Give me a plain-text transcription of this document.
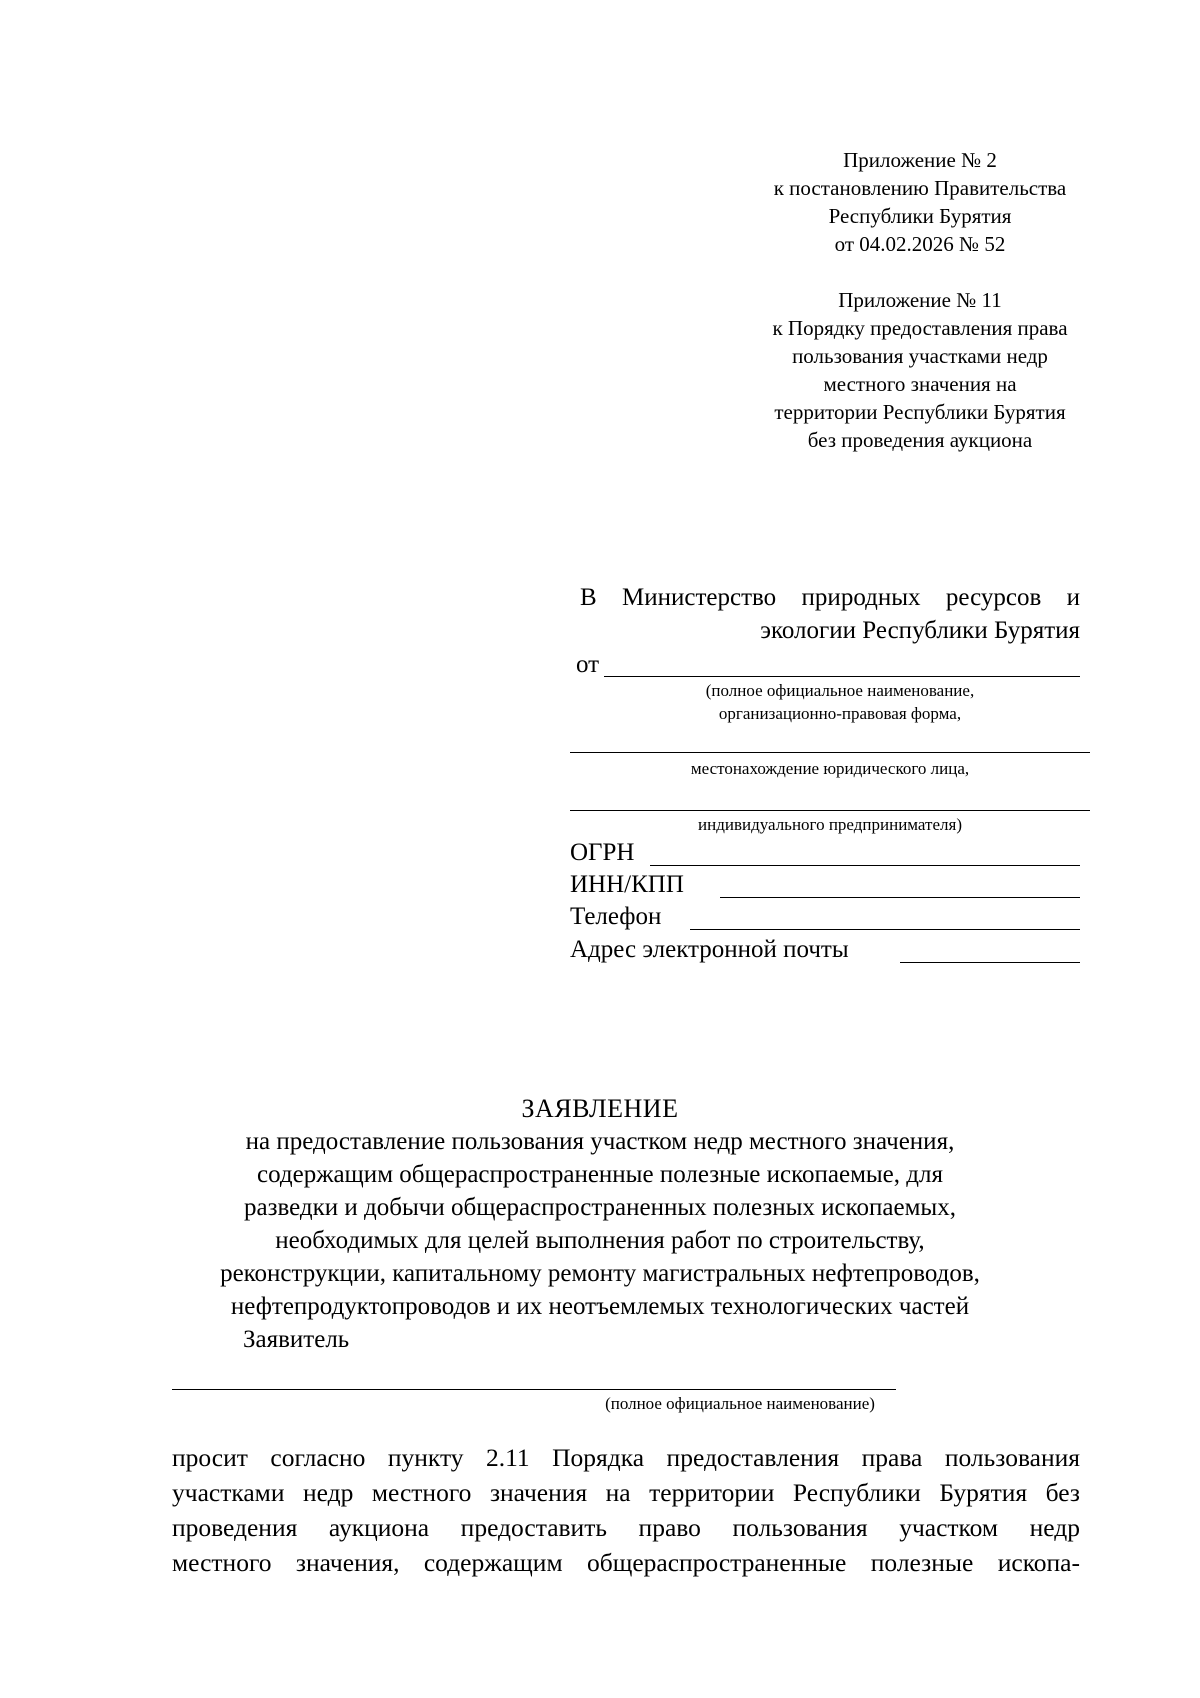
Приложение № 2
к постановлению Правительства
Республики Бурятия
от 04.02.2026 № 52
Приложение № 11
к Порядку предоставления права
пользования участками недр
местного значения на
территории Республики Бурятия
без проведения аукциона
В Министерство природных ресурсов и
экологии Республики Бурятия
от
(полное официальное наименование,
организационно-правовая форма,
местонахождение юридического лица,
индивидуального предпринимателя)
ОГРН
ИНН/КПП
Телефон
Адрес электронной почты
ЗАЯВЛЕНИЕ
на предоставление пользования участком недр местного значения,
содержащим общераспространенные полезные ископаемые, для
разведки и добычи общераспространенных полезных ископаемых,
необходимых для целей выполнения работ по строительству,
реконструкции, капитальному ремонту магистральных нефтепроводов,
нефтепродуктопроводов и их неотъемлемых технологических частей
Заявитель
(полное официальное наименование)
просит согласно пункту 2.11 Порядка предоставления права пользования
участками недр местного значения на территории Республики Бурятия без
проведения аукциона предоставить право пользования участком недр
местного значения, содержащим общераспространенные полезные ископа-
